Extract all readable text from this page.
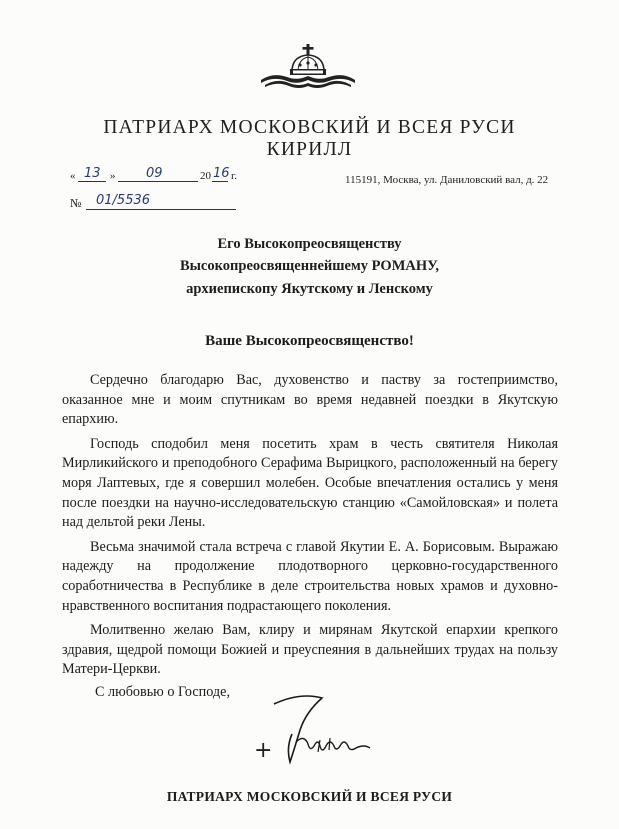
ПАТРИАРХ МОСКОВСКИЙ И ВСЕЯ РУСИ
КИРИЛЛ
« 13 » 09	20 16 г.	115191, Москва, ул. Даниловский вал, д. 22
№ 01/5536
Его Высокопреосвященству
Высокопреосвященнейшему РОМАНУ,
архиепископу Якутскому и Ленскому
Ваше Высокопреосвященство!

Сердечно благодарю Вас, духовенство и паству за гостеприимство, оказанное мне и моим спутникам во время недавней поездки в Якутскую епархию.

Господь сподобил меня посетить храм в честь святителя Николая Мирликийского и преподобного Серафима Вырицкого, расположенный на берегу моря Лаптевых, где я совершил молебен. Особые впечатления остались у меня после поездки на научно-исследовательскую станцию «Самойловская» и полета над дельтой реки Лены.

Весьма значимой стала встреча с главой Якутии Е. А. Борисовым. Выражаю надежду на продолжение плодотворного церковно-государственного соработничества в Республике в деле строительства новых храмов и духовно-нравственного воспитания подрастающего поколения.

Молитвенно желаю Вам, клиру и мирянам Якутской епархии крепкого здравия, щедрой помощи Божией и преуспеяния в дальнейших трудах на пользу Матери-Церкви.

С любовью о Господе,
+
ПАТРИАРХ МОСКОВСКИЙ И ВСЕЯ РУСИ
